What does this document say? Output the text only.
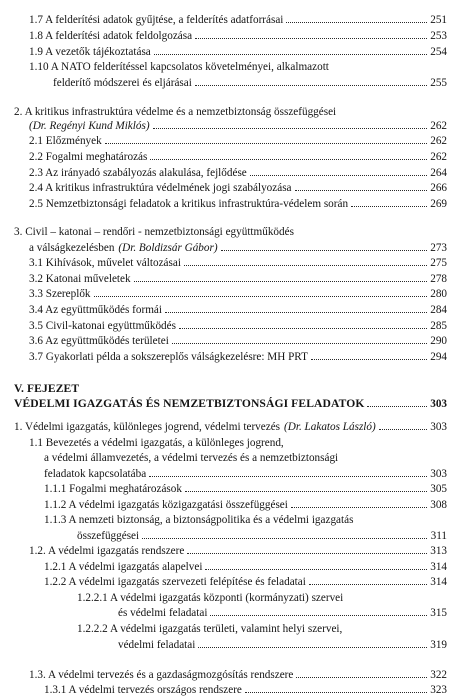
1.7 A felderítési adatok gyűjtése, a felderítés adatforrásai	251
1.8 A felderítési adatok feldolgozása	253
1.9 A vezetők tájékoztatása	254
1.10 A NATO felderítéssel kapcsolatos követelményei, alkalmazott
felderítő módszerei és eljárásai	255
2. A kritikus infrastruktúra védelme és a nemzetbiztonság összefüggései
(Dr. Regényi Kund Miklós)	262
2.1 Előzmények	262
2.2 Fogalmi meghatározás	262
2.3 Az irányadó szabályozás alakulása, fejlődése	264
2.4 A kritikus infrastruktúra védelmének jogi szabályozása	266
2.5 Nemzetbiztonsági feladatok a kritikus infrastruktúra-védelem során	269
3. Civil – katonai – rendőri - nemzetbiztonsági együttműködés
a válságkezelésben (Dr. Boldizsár Gábor)	273
3.1 Kihívások, művelet változásai	275
3.2 Katonai műveletek	278
3.3 Szereplők	280
3.4 Az együttműködés formái	284
3.5 Civil-katonai együttműködés	285
3.6 Az együttműködés területei	290
3.7 Gyakorlati példa a sokszereplős válságkezelésre: MH PRT	294
V. FEJEZET
VÉDELMI IGAZGATÁS ÉS NEMZETBIZTONSÁGI FELADATOK	303
1. Védelmi igazgatás, különleges jogrend, védelmi tervezés (Dr. Lakatos László)	303
1.1 Bevezetés a védelmi igazgatás, a különleges jogrend,
a védelmi államvezetés, a védelmi tervezés és a nemzetbiztonsági
feladatok kapcsolatába	303
1.1.1 Fogalmi meghatározások	305
1.1.2 A védelmi igazgatás közigazgatási összefüggései	308
1.1.3 A nemzeti biztonság, a biztonságpolitika és a védelmi igazgatás
összefüggései	311
1.2. A védelmi igazgatás rendszere	313
1.2.1 A védelmi igazgatás alapelvei	314
1.2.2 A védelmi igazgatás szervezeti felépítése és feladatai	314
1.2.2.1 A védelmi igazgatás központi (kormányzati) szervei
és védelmi feladatai	315
1.2.2.2 A védelmi igazgatás területi, valamint helyi szervei,
védelmi feladatai	319
1.3. A védelmi tervezés és a gazdaságmozgósítás rendszere	322
1.3.1 A védelmi tervezés országos rendszere	323
